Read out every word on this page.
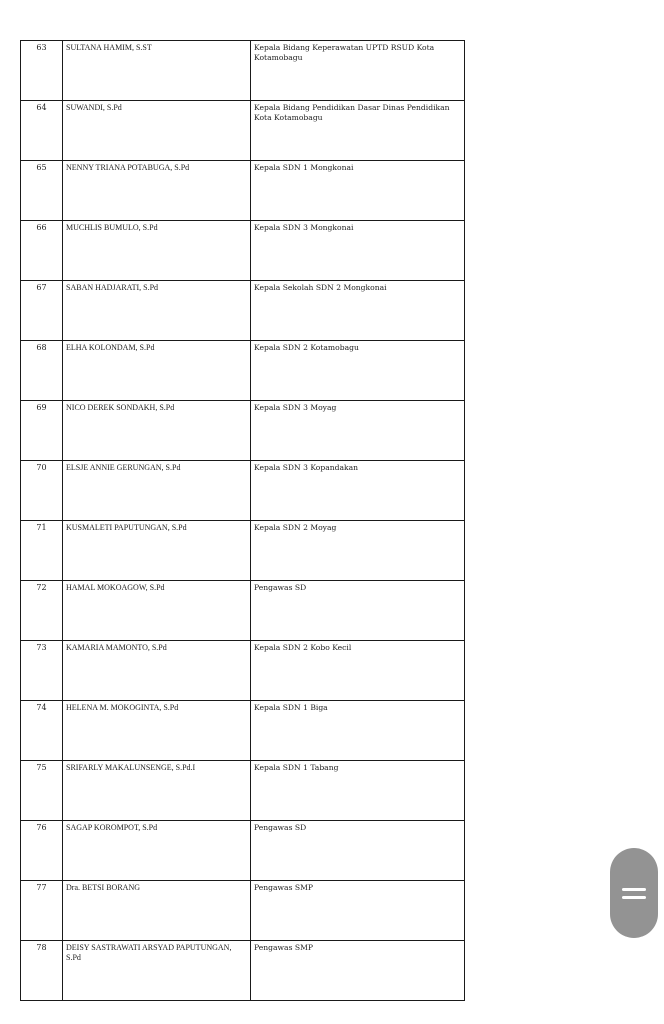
63	SULTANA HAMIM, S.ST	Kepala Bidang Keperawatan UPTD RSUD Kota Kotamobagu
64	SUWANDI, S.Pd	Kepala Bidang Pendidikan Dasar Dinas Pendidikan Kota Kotamobagu
65	NENNY TRIANA POTABUGA, S.Pd	Kepala SDN 1 Mongkonai
66	MUCHLIS BUMULO, S.Pd	Kepala SDN 3 Mongkonai
67	SABAN HADJARATI, S.Pd	Kepala Sekolah SDN 2 Mongkonai
68	ELHA KOLONDAM, S.Pd	Kepala SDN 2 Kotamobagu
69	NICO DEREK SONDAKH, S.Pd	Kepala SDN 3 Moyag
70	ELSJE ANNIE GERUNGAN, S.Pd	Kepala SDN 3 Kopandakan
71	KUSMALETI PAPUTUNGAN, S.Pd	Kepala SDN 2 Moyag
72	HAMAL MOKOAGOW, S.Pd	Pengawas SD
73	KAMARIA MAMONTO, S.Pd	Kepala SDN 2 Kobo Kecil
74	HELENA M. MOKOGINTA, S.Pd	Kepala SDN 1 Biga
75	SRIFARLY MAKALUNSENGE, S.Pd.I	Kepala SDN 1 Tabang
76	SAGAP KOROMPOT, S.Pd	Pengawas SD
77	Dra. BETSI BORANG	Pengawas SMP
78	DEISY SASTRAWATI ARSYAD PAPUTUNGAN, S.Pd	Pengawas SMP
